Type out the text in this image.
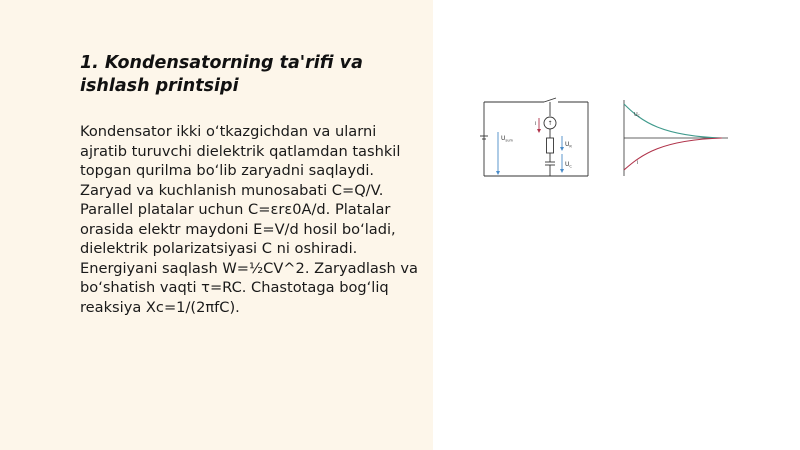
1. Kondensatorning ta'rifi va ishlash printsipi

Kondensator ikki o‘tkazgichdan va ularni ajratib turuvchi dielektrik qatlamdan tashkil topgan qurilma bo‘lib zaryadni saqlaydi. Zaryad va kuchlanish munosabati C=Q/V. Parallel platalar uchun C=εrε0A/d. Platalar orasida elektr maydoni E=V/d hosil bo‘ladi, dielektrik polarizatsiyasi C ni oshiradi. Energiyani saqlash W=½CV^2. Zaryadlash va bo‘shatish vaqti τ=RC. Chastotaga bog‘liq reaksiya Xc=1/(2πfC).

$U_{sum}$
i
$U_R$
$U_C$
↑
$U_C$
i
